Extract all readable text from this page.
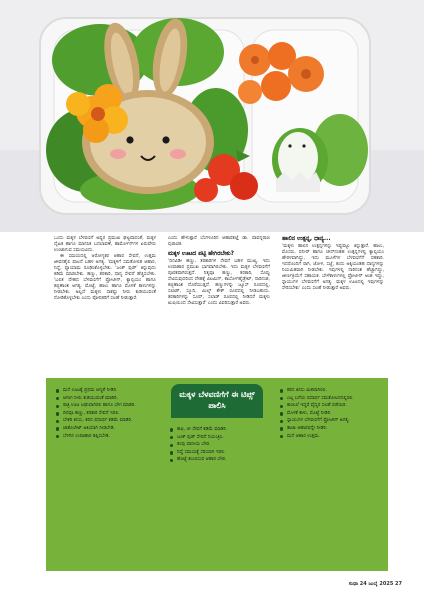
ಒಂದು ಮಕ್ಕಳ ಬೆಳವಣಿಗೆ ಅಷ್ಟರ ಪ್ರಮುಖ ಘಟ್ಟವಾದಂತೆ, ಮಕ್ಕಳ ದೈಹಿಕ ಹಾಗೂ ಮಾನಸಿಕ ಬದಲಾವಣೆ, ಹಾರ್ಮೋನ್‌ಗಳ ಏರುಪೇರು ಉಂಟಾಗುವ ಸಮಯವಿದು.

ಈ ಸಮಯದಲ್ಲಿ ಆರೋಗ್ಯಕರ ಆಹಾರ ಸೇವನೆ, ಉತ್ತಮ ಜೀವನಶೈಲಿ ಪಾಲನೆ ಬಹಳ ಅಗತ್ಯ. 'ಮಕ್ಕಳಿಗೆ ಸಮತೋಲಿತ ಆಹಾರ, ನಿದ್ದೆ, ವ್ಯಾಯಾಮ ರೂಢಿಸಿಕೊಳ್ಳಬೇಕು. 'ಜಂಕ್ ಫುಡ್' ತಿನ್ನುವುದು ಕಡಿಮೆ ಮಾಡಬೇಕು. ಹಣ್ಣು, ತರಕಾರಿ, ಧಾನ್ಯ ಸೇವನೆ ಹೆಚ್ಚಿಸಬೇಕು. 'ಬಲಿತ ದೇಹದ ಬೆಳವಣಿಗೆಗೆ ಪ್ರೋಟೀನ್, ಕ್ಯಾಲ್ಸಿಯಂ ಹಾಗೂ ಕಬ್ಬಿಣಾಂಶ ಅಗತ್ಯ. ಮೊಟ್ಟೆ, ಹಾಲು ಹಾಗೂ ಮೊಳಕೆ ಕಾಳುಗಳನ್ನು ನೀಡಬೇಕು. ಅಲ್ಲದೆ ಮಕ್ಕಳು ಸಾಕಷ್ಟು ನೀರು ಕುಡಿಯುವಂತೆ ನೋಡಿಕೊಳ್ಳಬೇಕು ಎಂದು ಪೋಷಕರಿಗೆ ಸಲಹೆ ನೀಡುತ್ತಾರೆ.

ಎಂದು ಹೇಳುತ್ತಾರೆ ಬೆಂಗಳೂರಿನ ಆಹಾರತಜ್ಞೆ ಡಾ. ಪಾವನ್ನರಾಣ ಪುರಾಣಿಕ.

ಮಕ್ಕಳ ಊಟದ ಪಟ್ಟಿ ಹೇಗಿರಬೇಕು?

'ದಿನವಿಡೀ ಹಣ್ಣು, ತರಕಾರಿಗಳ ಸೇವನೆ ಬಹಳ ಮುಖ್ಯ. ಇದು ಉಪಾಹಾರ ಪ್ರಮುಖ ಭಾಗವಾಗಿರಬೇಕು. ಇದು ಮಕ್ಕಳ ಬೆಳವಣಿಗೆಗೆ ಪೂರಕವಾಗಿರುತ್ತದೆ. ನಿತ್ಯವೂ ಹಣ್ಣು, ತರಕಾರಿ, ಸೊಪ್ಪು ಸೇವಿಸುವುದರಿಂದ ದೇಹಕ್ಕೆ ವಿಟಮಿನ್, ಕಾರ್ಬೋಹೈಡ್ರೇಟ್, ನಾರಿನಂಶ, ಕಬ್ಬಿಣಾಂಶ ದೊರೆಯುತ್ತದೆ. ಹಣ್ಣುಗಳನ್ನು ಜ್ಯೂಸ್ ರೂಪದಲ್ಲಿ, ಸಲಾಡ್, ಸ್ಮೂದಿ, ಮಿಲ್ಕ್ ಶೇಕ್ ರೂಪದಲ್ಲಿ ನೀಡಬಹುದು. ತರಕಾರಿಗಳನ್ನು ಸೂಪ್, ಸಲಾಡ್ ರೂಪದಲ್ಲಿ ನೀಡಿದರೆ ಮಕ್ಕಳು ಖುಷಿಯಿಂದ ಸೇವಿಸುತ್ತಾರೆ' ಎಂದು ವಿವರಿಸುತ್ತಾರೆ ಅವರು.

ಹಾಲಿನ ಉತ್ಪನ್ನ, ಧಾನ್ಯ...

'ಮಕ್ಕಳು ಹಾಲಿನ ಉತ್ಪನ್ನಗಳನ್ನು ಇಷ್ಟಪಟ್ಟು ತಿನ್ನುತ್ತಾರೆ. ಹಾಲು, ಮೊಸರು, ಪನೀರ್ ಹಾಗೂ ಚೀಸ್‌ನಂತಹ ಉತ್ಪನ್ನಗಳಲ್ಲಿ ಕ್ಯಾಲ್ಸಿಯಂ ಹೇರಳವಾಗಿದ್ದು, ಇದು ಮೂಳೆಗಳ ಬೆಳವಣಿಗೆಗೆ ಸಹಕಾರಿ. ಇದರೊಂದಿಗೆ ರಾಗಿ, ಜೋಳ, ಸಜ್ಜೆ, ಕಂದು ಅಕ್ಕಿಯಂತಹ ಧಾನ್ಯಗಳನ್ನು ನಿಯಮಿತವಾಗಿ ನೀಡಬೇಕು. ಇವುಗಳಲ್ಲಿ ನಾರಿನಂಶ ಹೆಚ್ಚಾಗಿದ್ದು, ಜೀರ್ಣಕ್ರಿಯೆಗೆ ಸಹಾಯಕ. ಬೇಳೆಕಾಳುಗಳಲ್ಲಿ ಪ್ರೋಟೀನ್ ಅಂಶ ಇದ್ದು, ಸ್ನಾಯುಗಳ ಬೆಳವಣಿಗೆಗೆ ಅಗತ್ಯ. ಮಕ್ಕಳ ಊಟದಲ್ಲಿ ಇವುಗಳನ್ನು ಸೇರಿಸಬೇಕು' ಎಂದು ಸಲಹೆ ನೀಡುತ್ತಾರೆ ಅವರು.

ಮಕ್ಕಳ ಬೆಳವಣಿಗೆಗೆ ಈ ಟಿಪ್ಸ್ ಪಾಲಿಸಿ
ಮನೆ ಊಟಕ್ಕೆ ಪ್ರಥಮ ಆದ್ಯತೆ ನೀಡಿರಿ.
ಆಗಾಗ ನೀರು ಕುಡಿಯುವಂತೆ ಮಾಡಿರಿ.
ರಾತ್ರಿ ಊಟ ಲಘುವಾಗಿರಲಿ ಹಾಗೂ ಬೇಗ ಮಾಡಿರಿ.
ದಿನವೂ ಹಣ್ಣು, ತರಕಾರಿ ಸೇವನೆ ಇರಲಿ.
ಬೇಕರಿ ತಿನಿಸು, ಕರಿದ ಪದಾರ್ಥ ಕಡಿಮೆ ಮಾಡಿರಿ.
ಚಾಕೊಲೇಟ್ ಅತಿಯಾಗಿ ನೀಡಬೇಡಿ.
ಬೆಳಗಿನ ಉಪಾಹಾರ ತಪ್ಪಿಸಬೇಡಿ.
ಕಾಫಿ, ಟೀ ಸೇವನೆ ಕಡಿಮೆ ಮಾಡಿರಿ.
ಜಂಕ್ ಫುಡ್ ಸೇವನೆ ನಿಯಂತ್ರಿಸಿ.
ತಂಪು ಪಾನೀಯ ಬೇಡ.
ನಿದ್ದೆ ಸಮಯಕ್ಕೆ ಸರಿಯಾಗಿ ಇರಲಿ.
ಹೊಟ್ಟೆ ತುಂಬಿಸುವ ಆಹಾರ ಬೇಡ.
ಕರಿದ ತಿನಿಸು ಮಿತವಾಗಿರಲಿ.
ಎಲ್ಲ ಬಗೆಯ ಪದಾರ್ಥ ಸಮತೋಲನದಲ್ಲಿರಲಿ.
ಕಾಯಿಲೆ ಇದ್ದರೆ ವೈದ್ಯರ ಸಲಹೆ ಪಡೆಯಿರಿ.
ಮೊಳಕೆ ಕಾಳು, ಮೊಟ್ಟೆ ನೀಡಿರಿ.
ಸ್ನಾಯುಗಳ ಬೆಳವಣಿಗೆಗೆ ಪ್ರೋಟೀನ್ ಅಗತ್ಯ.
ತಾಜಾ ಆಹಾರವನ್ನೇ ನೀಡಿರಿ.
ಮನೆ ಆಹಾರ ಉತ್ತಮ.
ಸುಧಾ 24 ಜುಲೈ 2025 27
